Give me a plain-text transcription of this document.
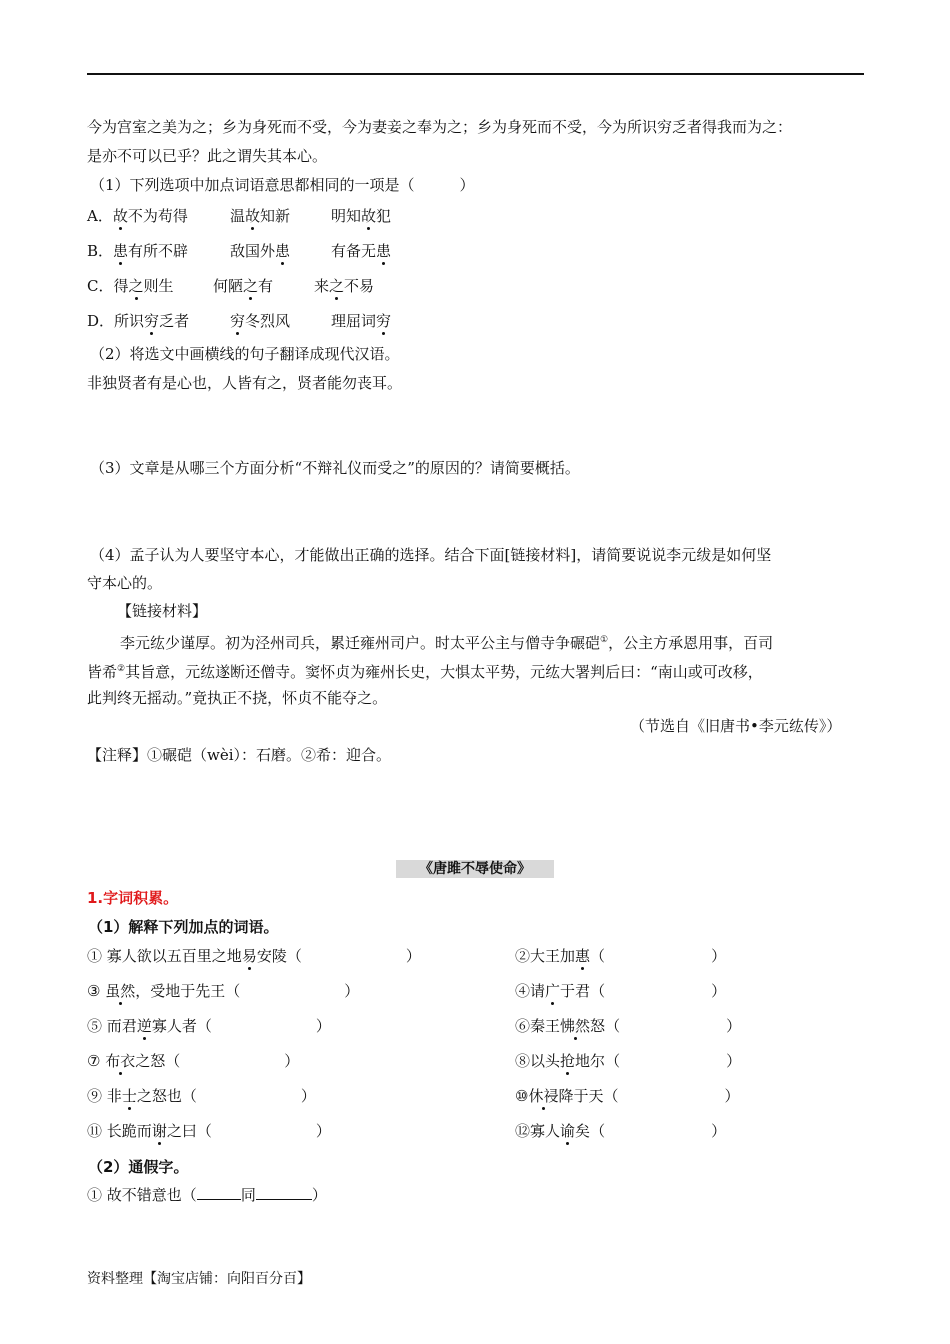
今为宫室之美为之；乡为身死而不受，今为妻妾之奉为之；乡为身死而不受，今为所识穷乏者得我而为之：
是亦不可以已乎？此之谓失其本心。
（1）下列选项中加点词语意思都相同的一项是（　　　）
A．故不为苟得	温故知新	明知故犯
B．患有所不辟	敌国外患	有备无患
C．得之则生	何陋之有	来之不易
D．所识穷乏者	穷冬烈风	理屈词穷
（2）将选文中画横线的句子翻译成现代汉语。
非独贤者有是心也，人皆有之，贤者能勿丧耳。
（3）文章是从哪三个方面分析“不辩礼仪而受之”的原因的？请简要概括。
（4）孟子认为人要坚守本心，才能做出正确的选择。结合下面[链接材料]，请简要说说李元绂是如何坚
守本心的。
【链接材料】
李元纮少谨厚。初为泾州司兵，累迁雍州司户。时太平公主与僧寺争碾硙①，公主方承恩用事，百司
皆希②其旨意，元纮遂断还僧寺。窦怀贞为雍州长史，大惧太平势，元纮大署判后曰：“南山或可改移，
此判终无摇动。”竟执正不挠，怀贞不能夺之。
（节选自《旧唐书•李元纮传》）
【注释】①碾硙（wèi）：石磨。②希：迎合。
《唐雎不辱使命》
1.字词积累。
（1）解释下列加点的词语。
① 寡人欲以五百里之地易安陵（	）	②大王加惠（	）
③ 虽然，受地于先王（	）	④请广于君（	）
⑤ 而君逆寡人者（	）	⑥秦王怫然怒（	）
⑦ 布衣之怒（	）	⑧以头抢地尔（	）
⑨ 非士之怒也（	）	⑩休祲降于天（	）
⑪ 长跪而谢之曰（	）	⑫寡人谕矣（	）
（2）通假字。
① 故不错意也（	同	）
资料整理【淘宝店铺：向阳百分百】
